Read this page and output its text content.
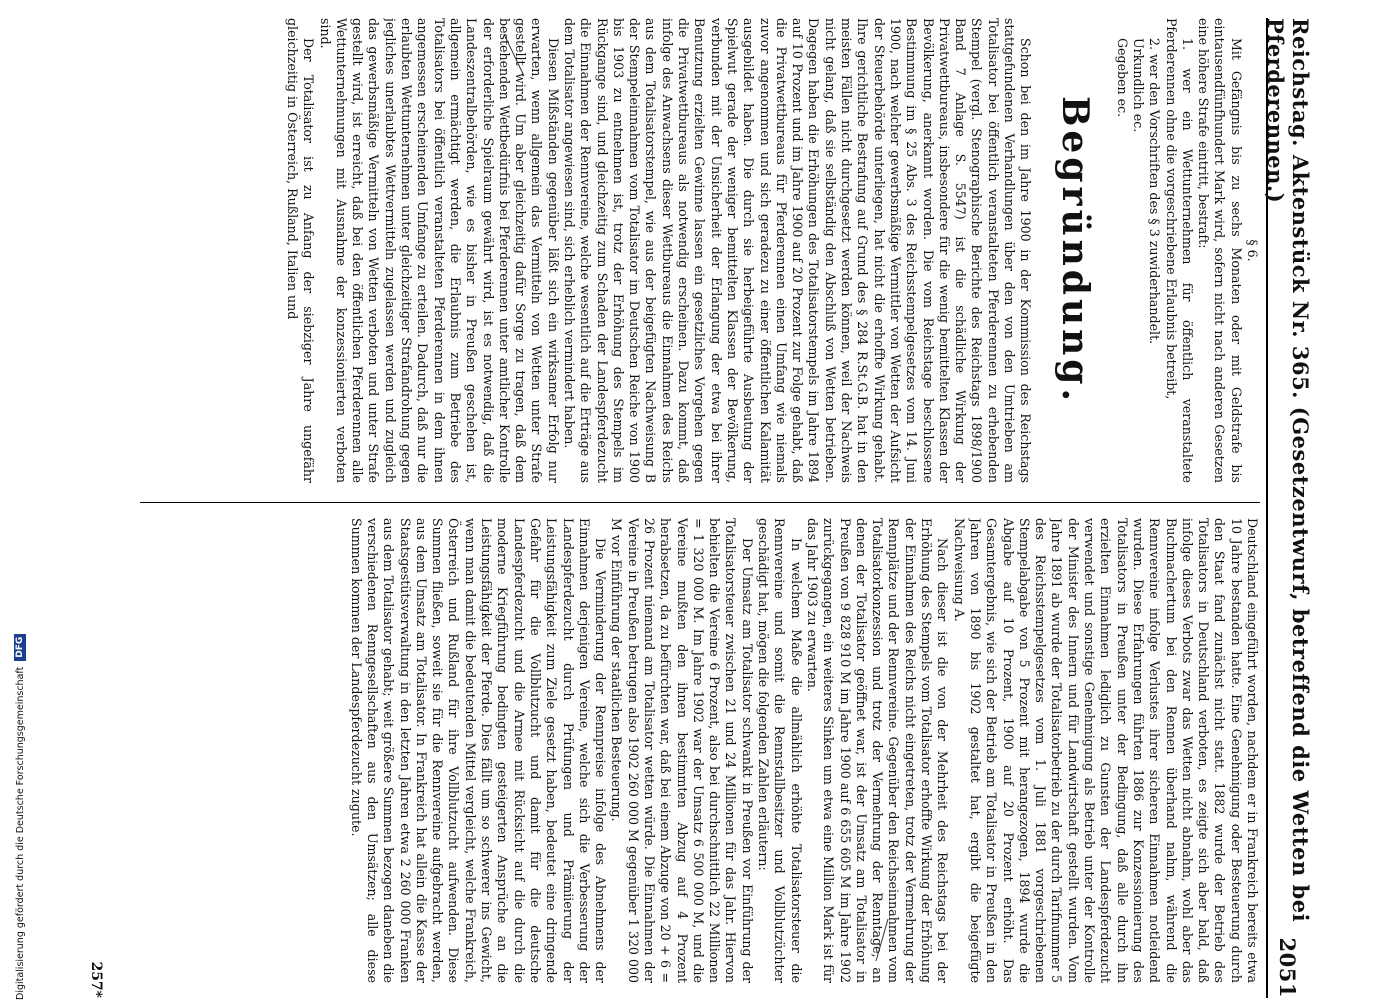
Reichstag. Aktenstück Nr. 365. (Gesetzentwurf, betreffend die Wetten bei Pferderennen.)
2051

§ 6.

Mit Gefängnis bis zu sechs Monaten oder mit Geldstrafe bis eintausendfünfhundert Mark wird, sofern nicht nach anderen Gesetzen eine höhere Strafe eintritt, bestraft:

1. wer ein Wettunternehmen für öffentlich veranstaltete Pferderennen ohne die vorgeschriebene Erlaubnis betreibt,

2. wer den Vorschriften des § 3 zuwiderhandelt.

Urkundlich ec.

Gegeben ec.

Begründung.

Schon bei den im Jahre 1900 in der Kommission des Reichstags stattgefundenen Verhandlungen über den von den Umtrieben am Totalisator bei öffentlich veranstalteten Pferderennen zu erhebenden Stempel (vergl. Stenographische Berichte des Reichstags 1898/1900 Band 7 Anlage S. 5547) ist die schädliche Wirkung der Privatwettbureaus, insbesondere für die wenig bemittelten Klassen der Bevölkerung, anerkannt worden. Die vom Reichstage beschlossene Bestimmung im § 25 Abs. 3 des Reichsstempelgesetzes vom 14. Juni 1900, nach welcher gewerbsmäßige Vermittler von Wetten der Aufsicht der Steuerbehörde unterliegen, hat nicht die erhoffte Wirkung gehabt. Ihre gerichtliche Bestrafung auf Grund des § 284 R.St.G.B. hat in den meisten Fällen nicht durchgesetzt werden können, weil der Nachweis nicht gelang, daß sie selbständig den Abschluß von Wetten betrieben. Dagegen haben die Erhöhungen des Totalisatorstempels im Jahre 1894 auf 10 Prozent und im Jahre 1900 auf 20 Prozent zur Folge gehabt, daß die Privatwettbureaus für Pferderennen einen Umfang wie niemals zuvor angenommen und sich geradezu zu einer öffentlichen Kalamität ausgebildet haben. Die durch sie herbeigeführte Ausbeutung der Spielwut gerade der weniger bemittelten Klassen der Bevölkerung, verbunden mit der Unsicherheit der Erlangung der etwa bei ihrer Benutzung erzielten Gewinne lassen ein gesetzliches Vorgehen gegen die Privatwettbureaus als notwendig erscheinen. Dazu kommt, daß infolge des Anwachsens dieser Wettbureaus die Einnahmen des Reichs aus dem Totalisatorstempel, wie aus der beigefügten Nachweisung B der Stempeleinnahmen vom Totalisator im Deutschen Reiche von 1900 bis 1903 zu entnehmen ist, trotz der Erhöhung des Stempels im Rückgange sind, und gleichzeitig zum Schaden der Landespferdezucht die Einnahmen der Rennvereine, welche wesentlich auf die Erträge aus dem Totalisator angewiesen sind, sich erheblich vermindert haben.

Diesen Mißständen gegenüber läßt sich ein wirksamer Erfolg nur erwarten, wenn allgemein das Vermitteln von Wetten unter Strafe gestellt wird. Um aber gleichzeitig dafür Sorge zu tragen, daß dem bestehenden Wettbedürfnis bei Pferderennen unter amtlicher Kontrolle der erforderliche Spielraum gewährt wird, ist es notwendig, daß die Landeszentralbehörden, wie es bisher in Preußen geschehen ist, allgemein ermächtigt werden, die Erlaubnis zum Betriebe des Totalisators bei öffentlich veranstalteten Pferderennen in dem ihnen angemessen erscheinenden Umfange zu erteilen. Dadurch, daß nur die erlaubten Wettunternehmen unter gleichzeitiger Strafandrohung gegen jegliches unerlaubtes Wettvermitteln zugelassen werden und zugleich das gewerbsmäßige Vermitteln von Wetten verboten und unter Strafe gestellt wird, ist erreicht, daß bei den öffentlichen Pferderennen alle Wettunternehmungen mit Ausnahme der konzessionierten verboten sind.

Der Totalisator ist zu Anfang der siebziger Jahre ungefähr gleichzeitig in Österreich, Rußland, Italien und

Deutschland eingeführt worden, nachdem er in Frankreich bereits etwa 10 Jahre bestanden hatte. Eine Genehmigung oder Besteuerung durch den Staat fand zunächst nicht statt. 1882 wurde der Betrieb des Totalisators in Deutschland verboten, es zeigte sich aber bald, daß infolge dieses Verbots zwar das Wetten nicht abnahm, wohl aber das Buchmachertum bei den Rennen überhand nahm, während die Rennvereine infolge Verlustes ihrer sicheren Einnahmen notleidend wurden. Diese Erfahrungen führten 1886 zur Konzessionierung des Totalisators in Preußen unter der Bedingung, daß alle durch ihn erzielten Einnahmen lediglich zu Gunsten der Landespferdezucht verwendet und sonstige Genehmigung als Betrieb unter der Kontrolle der Minister des Innern und für Landwirtschaft gestellt wurden. Vom Jahre 1891 ab wurde der Totalisatorbetrieb zu der durch Tarifnummer 5 des Reichsstempelgesetzes vom 1. Juli 1881 vorgeschriebenen Stempelabgabe von 5 Prozent mit herangezogen, 1894 wurde die Abgabe auf 10 Prozent, 1900 auf 20 Prozent erhöht. Das Gesamtergebnis, wie sich der Betrieb am Totalisator in Preußen in den Jahren von 1890 bis 1902 gestaltet hat, ergibt die beigefügte Nachweisung A.

Nach dieser ist die von der Mehrheit des Reichstags bei der Erhöhung des Stempels vom Totalisator erhoffte Wirkung der Erhöhung der Einnahmen des Reichs nicht eingetreten, trotz der Vermehrung der Rennplätze und der Rennvereine. Gegenüber den Reichseinnahmen vom Totalisatorkonzession und trotz der Vermehrung der Renntage, an denen der Totalisator geöffnet war, ist der Umsatz am Totalisator in Preußen von 9 828 910 M im Jahre 1900 auf 6 655 605 M im Jahre 1902 zurückgegangen, ein weiteres Sinken um etwa eine Million Mark ist für das Jahr 1903 zu erwarten.

In welchem Maße die allmählich erhöhte Totalisatorsteuer die Rennvereine und somit die Rennstallbesitzer und Vollblutzüchter geschädigt hat, mögen die folgenden Zahlen erläutern:

Der Umsatz am Totalisator schwankt in Preußen vor Einführung der Totalisatorsteuer zwischen 21 und 24 Millionen für das Jahr. Hiervon behielten die Vereine 6 Prozent, also bei durchschnittlich 22 Millionen = 1 320 000 M. Im Jahre 1902 war der Umsatz 6 500 000 M, und die Vereine mußten den ihnen bestimmten Abzug auf 4 Prozent herabsetzen, da zu befürchten war, daß bei einem Abzuge von 20 + 6 = 26 Prozent niemand am Totalisator wetten würde. Die Einnahmen der Vereine in Preußen betrugen also 1902 260 000 M gegenüber 1 320 000 M vor Einführung der staatlichen Besteuerung.

Die Verminderung der Rennpreise infolge des Abnehmens der Einnahmen derjenigen Vereine, welche sich die Verbesserung der Landespferdezucht durch Prüfungen und Prämiierung der Leistungsfähigkeit zum Ziele gesetzt haben, bedeutet eine dringende Gefahr für die Vollblutzucht und damit für die deutsche Landespferdezucht und die Armee mit Rücksicht auf die durch die moderne Kriegführung bedingten gesteigerten Ansprüche an die Leistungsfähigkeit der Pferde. Dies fällt um so schwerer ins Gewicht, wenn man damit die bedeutenden Mittel vergleicht, welche Frankreich, Österreich und Rußland für ihre Vollblutzucht aufwenden. Diese Summen fließen, soweit sie für die Rennvereine aufgebracht werden, aus dem Umsatz am Totalisator. In Frankreich hat allein die Kasse der Staatsgestütsverwaltung in den letzten Jahren etwa 2 260 000 Franken aus dem Totalisator gehabt; weit größere Summen bezogen daneben die verschiedenen Renngesellschaften aus den Umsätzen; alle diese Summen kommen der Landespferdezucht zugute.

257*
Digitalisierung gefördert durch die Deutsche Forschungsgemeinschaft
DFG
